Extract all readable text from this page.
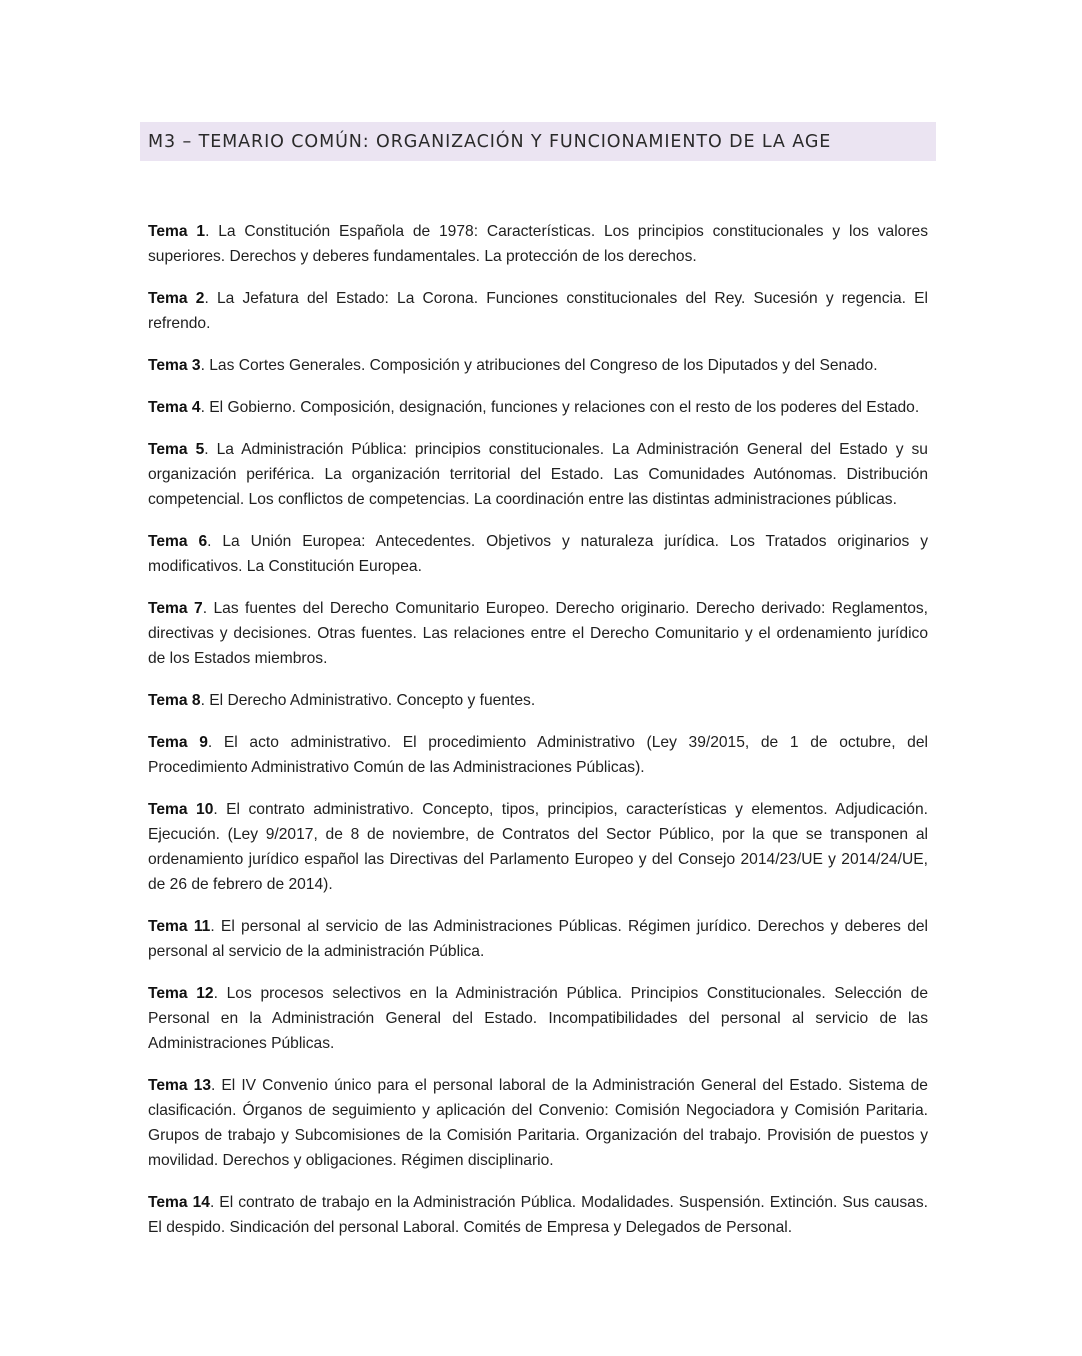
M3 – TEMARIO COMÚN: ORGANIZACIÓN Y FUNCIONAMIENTO DE LA AGE

Tema 1. La Constitución Española de 1978: Características. Los principios constitucionales y los valores superiores. Derechos y deberes fundamentales. La protección de los derechos.

Tema 2. La Jefatura del Estado: La Corona. Funciones constitucionales del Rey. Sucesión y regencia. El refrendo.

Tema 3. Las Cortes Generales. Composición y atribuciones del Congreso de los Diputados y del Senado.

Tema 4. El Gobierno. Composición, designación, funciones y relaciones con el resto de los poderes del Estado.

Tema 5. La Administración Pública: principios constitucionales. La Administración General del Estado y su organización periférica. La organización territorial del Estado. Las Comunidades Autónomas. Distribución competencial. Los conflictos de competencias. La coordinación entre las distintas administraciones públicas.

Tema 6. La Unión Europea: Antecedentes. Objetivos y naturaleza jurídica. Los Tratados originarios y modificativos. La Constitución Europea.

Tema 7. Las fuentes del Derecho Comunitario Europeo. Derecho originario. Derecho derivado: Reglamentos, directivas y decisiones. Otras fuentes. Las relaciones entre el Derecho Comunitario y el ordenamiento jurídico de los Estados miembros.

Tema 8. El Derecho Administrativo. Concepto y fuentes.

Tema 9. El acto administrativo. El procedimiento Administrativo (Ley 39/2015, de 1 de octubre, del Procedimiento Administrativo Común de las Administraciones Públicas).

Tema 10. El contrato administrativo. Concepto, tipos, principios, características y elementos. Adjudicación. Ejecución. (Ley 9/2017, de 8 de noviembre, de Contratos del Sector Público, por la que se transponen al ordenamiento jurídico español las Directivas del Parlamento Europeo y del Consejo 2014/23/UE y 2014/24/UE, de 26 de febrero de 2014).

Tema 11. El personal al servicio de las Administraciones Públicas. Régimen jurídico. Derechos y deberes del personal al servicio de la administración Pública.

Tema 12. Los procesos selectivos en la Administración Pública. Principios Constitucionales. Selección de Personal en la Administración General del Estado. Incompatibilidades del personal al servicio de las Administraciones Públicas.

Tema 13. El IV Convenio único para el personal laboral de la Administración General del Estado. Sistema de clasificación. Órganos de seguimiento y aplicación del Convenio: Comisión Negociadora y Comisión Paritaria. Grupos de trabajo y Subcomisiones de la Comisión Paritaria. Organización del trabajo. Provisión de puestos y movilidad. Derechos y obligaciones. Régimen disciplinario.

Tema 14. El contrato de trabajo en la Administración Pública. Modalidades. Suspensión. Extinción. Sus causas. El despido. Sindicación del personal Laboral. Comités de Empresa y Delegados de Personal.
